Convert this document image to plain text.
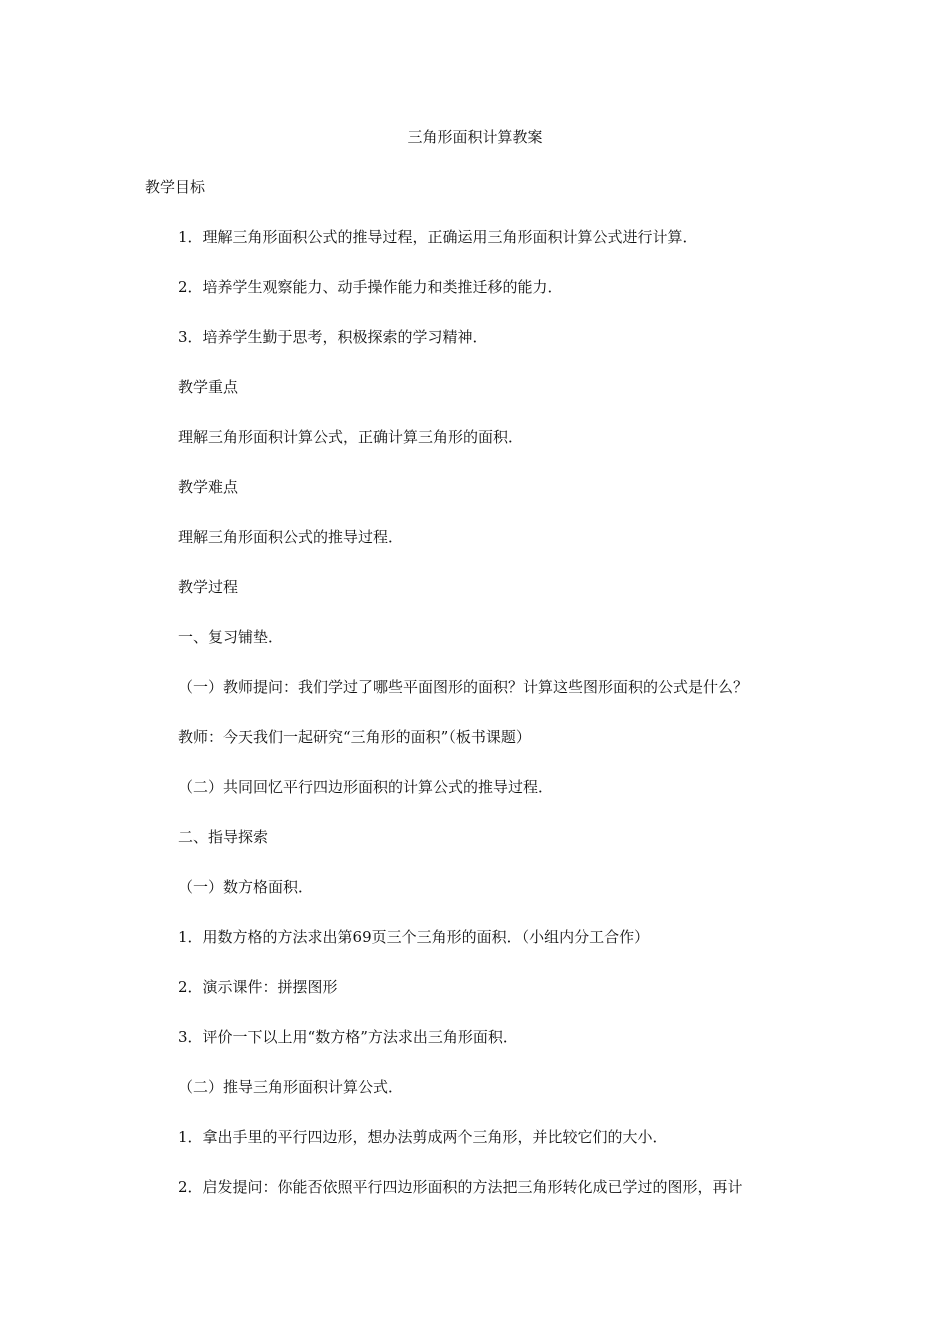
三角形面积计算教案
教学目标
1．理解三角形面积公式的推导过程，正确运用三角形面积计算公式进行计算．
2．培养学生观察能力、动手操作能力和类推迁移的能力．
3．培养学生勤于思考，积极探索的学习精神．
教学重点
理解三角形面积计算公式，正确计算三角形的面积．
教学难点
理解三角形面积公式的推导过程．
教学过程
一、复习铺垫．
（一）教师提问：我们学过了哪些平面图形的面积？计算这些图形面积的公式是什么？
教师：今天我们一起研究“三角形的面积”（板书课题）
（二）共同回忆平行四边形面积的计算公式的推导过程．
二、指导探索
（一）数方格面积．
1．用数方格的方法求出第69页三个三角形的面积．（小组内分工合作）
2．演示课件：拼摆图形
3．评价一下以上用“数方格”方法求出三角形面积．
（二）推导三角形面积计算公式．
1．拿出手里的平行四边形，想办法剪成两个三角形，并比较它们的大小．
2．启发提问：你能否依照平行四边形面积的方法把三角形转化成已学过的图形，再计
